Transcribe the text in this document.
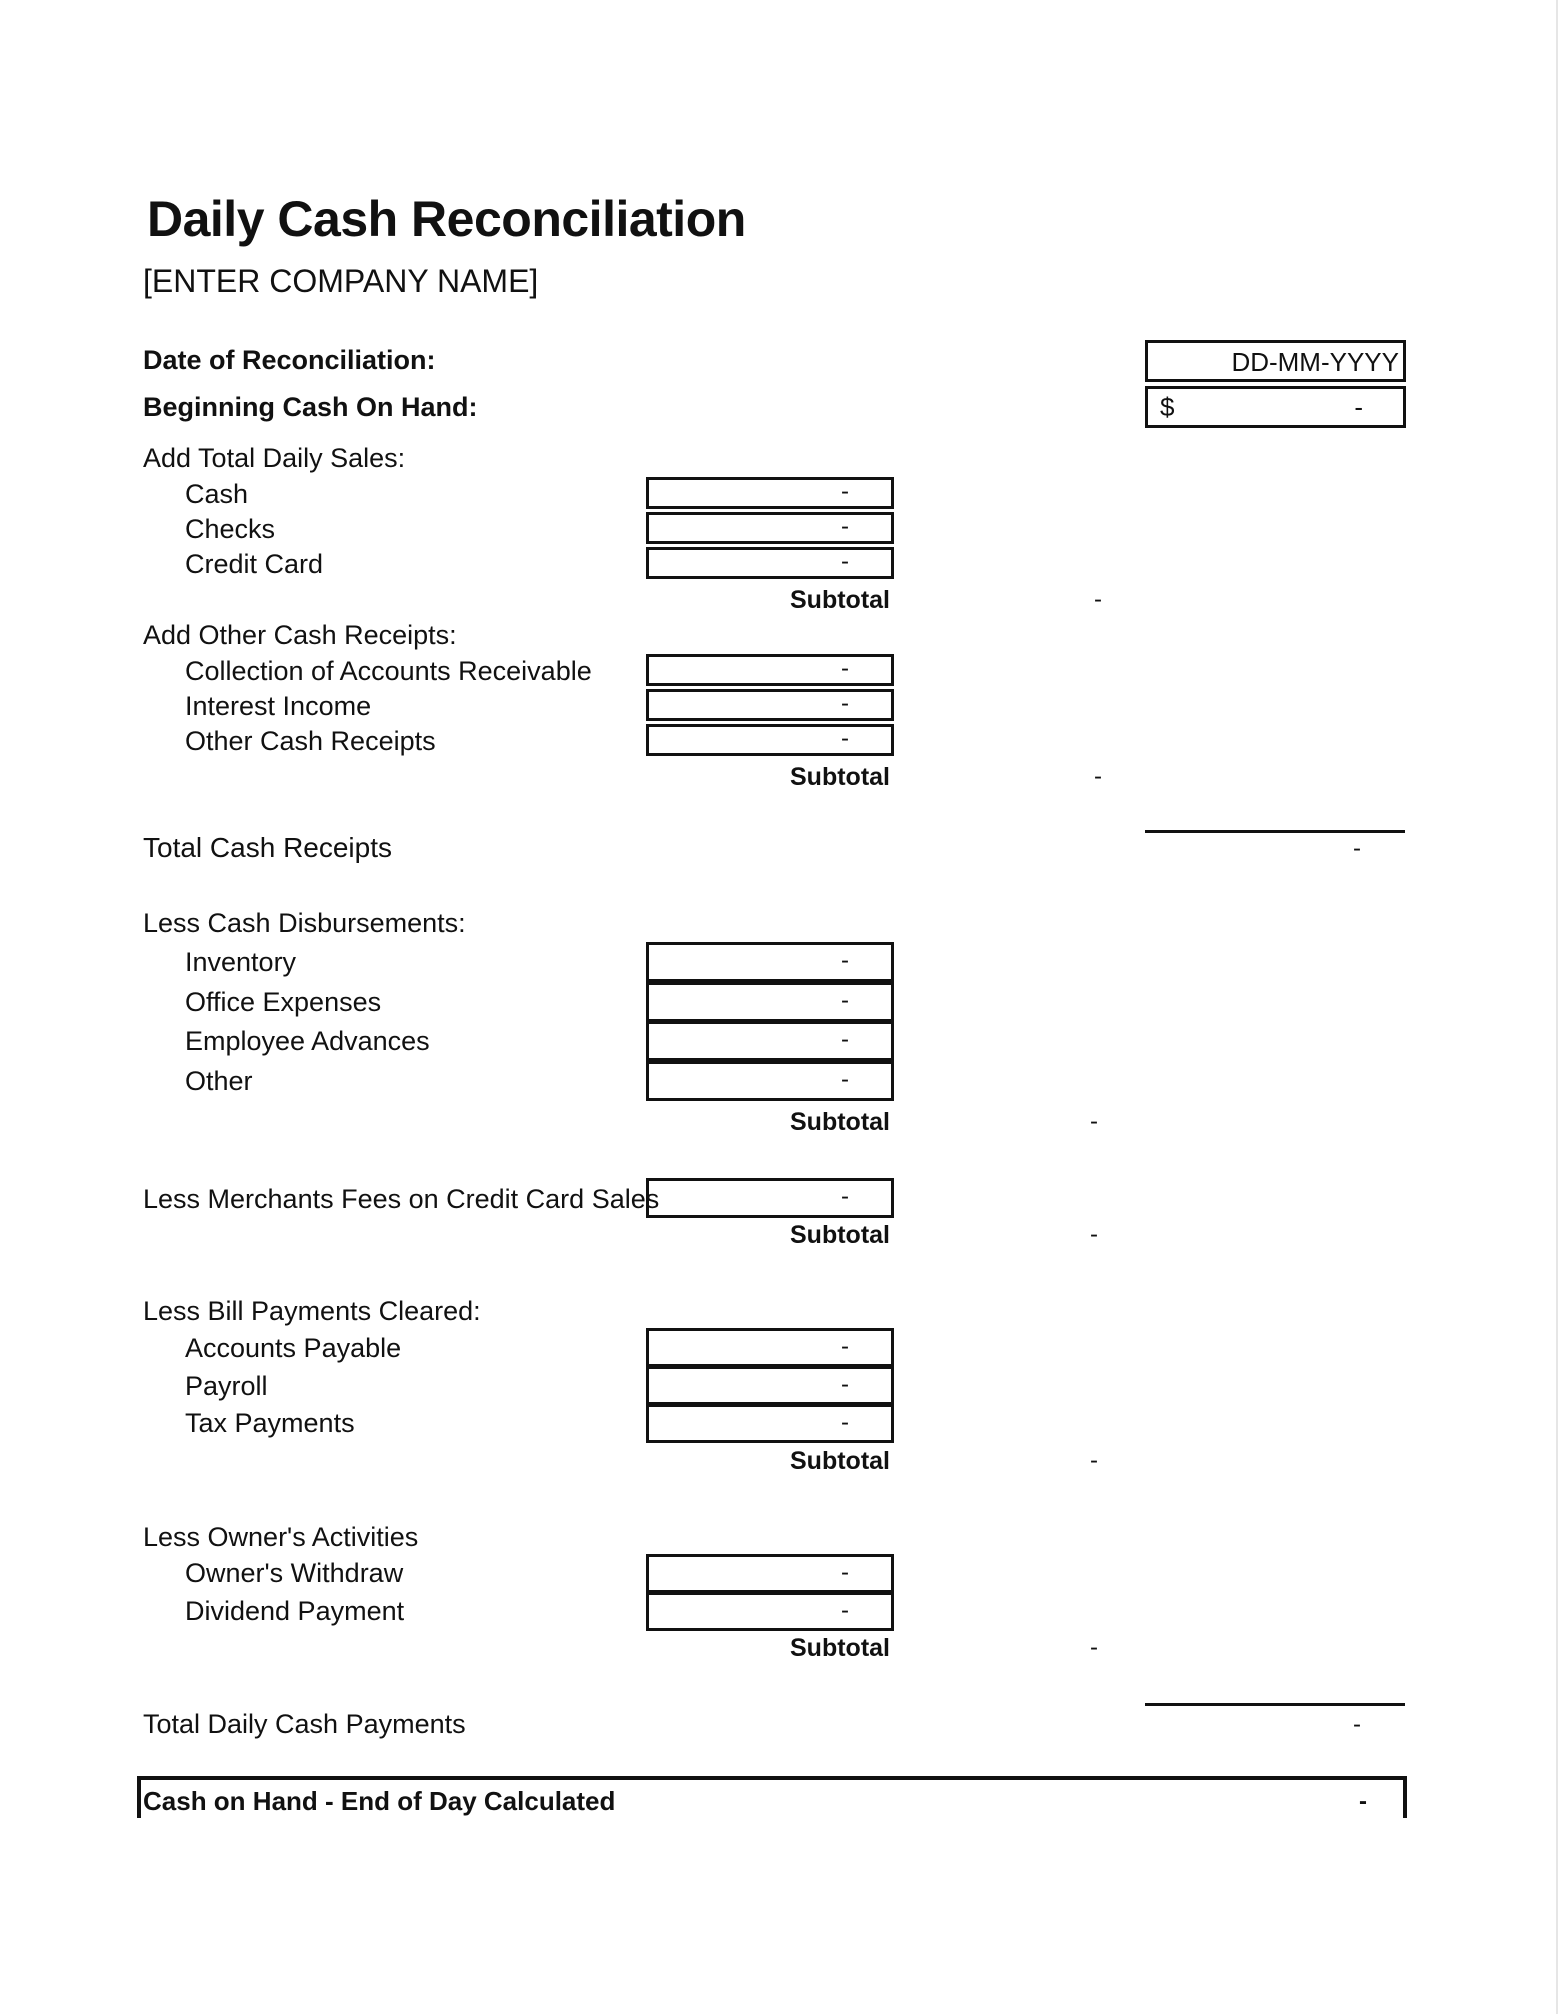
Daily Cash Reconciliation
[ENTER COMPANY NAME]
Date of Reconciliation:	DD-MM-YYYY
Beginning Cash On Hand:	$	-
Add Total Daily Sales:
Cash	-
Checks	-
Credit Card	-
Subtotal	-
Add Other Cash Receipts:
Collection of Accounts Receivable	-
Interest Income	-
Other Cash Receipts	-
Subtotal	-
Total Cash Receipts	-
Less Cash Disbursements:
Inventory	-
Office Expenses	-
Employee Advances	-
Other	-
Subtotal	-
Less Merchants Fees on Credit Card Sales	-
Subtotal	-
Less Bill Payments Cleared:
Accounts Payable	-
Payroll	-
Tax Payments	-
Subtotal	-
Less Owner's Activities
Owner's Withdraw	-
Dividend Payment	-
Subtotal	-
Total Daily Cash Payments	-
Cash on Hand - End of Day Calculated	-
